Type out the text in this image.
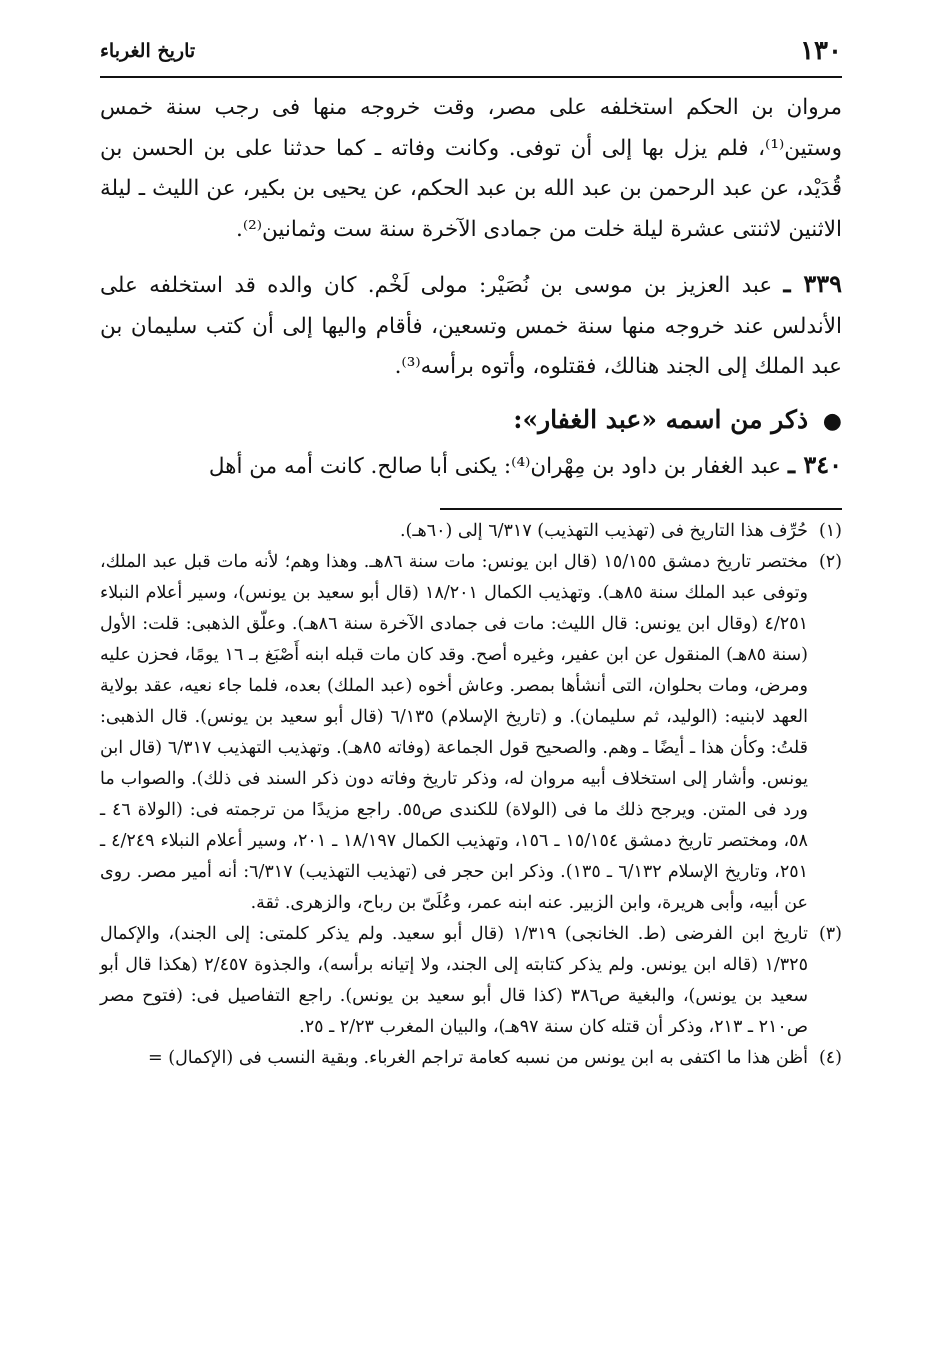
١٣٠
تاريخ الغرباء

مروان بن الحكم استخلفه على مصر، وقت خروجه منها فى رجب سنة خمس وستين⁽¹⁾، فلم يزل بها إلى أن توفى. وكانت وفاته ـ كما حدثنا على بن الحسن بن قُدَيْد، عن عبد الرحمن بن عبد الله بن عبد الحكم، عن يحيى بن بكير، عن الليث ـ ليلة الاثنين لاثنتى عشرة ليلة خلت من جمادى الآخرة سنة ست وثمانين⁽²⁾.

٣٣٩ ـ عبد العزيز بن موسى بن نُصَيْر: مولى لَخْم. كان والده قد استخلفه على الأندلس عند خروجه منها سنة خمس وتسعين، فأقام واليها إلى أن كتب سليمان بن عبد الملك إلى الجند هنالك، فقتلوه، وأتوه برأسه⁽³⁾.

● ذكر من اسمه «عبد الغفار»:

٣٤٠ ـ عبد الغفار بن داود بن مِهْران⁽⁴⁾: يكنى أبا صالح. كانت أمه من أهل

(١)
حُرِّف هذا التاريخ فى (تهذيب التهذيب) ٦/٣١٧ إلى (٦٠هـ).

(٢)
مختصر تاريخ دمشق ١٥/١٥٥ (قال ابن يونس: مات سنة ٨٦هـ. وهذا وهم؛ لأنه مات قبل عبد الملك، وتوفى عبد الملك سنة ٨٥هـ). وتهذيب الكمال ١٨/٢٠١ (قال أبو سعيد بن يونس)، وسير أعلام النبلاء ٤/٢٥١ (وقال ابن يونس: قال الليث: مات فى جمادى الآخرة سنة ٨٦هـ). وعلّق الذهبى: قلت: الأول (سنة ٨٥هـ) المنقول عن ابن عفير، وغيره أصح. وقد كان مات قبله ابنه أَصْبَغ بـ ١٦ يومًا، فحزن عليه ومرض، ومات بحلوان، التى أنشأها بمصر. وعاش أخوه (عبد الملك) بعده، فلما جاء نعيه، عقد بولاية العهد لابنيه: (الوليد، ثم سليمان). و (تاريخ الإسلام) ٦/١٣٥ (قال أبو سعيد بن يونس). قال الذهبى: قلتُ: وكأن هذا ـ أيضًا ـ وهم. والصحيح قول الجماعة (وفاته ٨٥هـ). وتهذيب التهذيب ٦/٣١٧ (قال ابن يونس. وأشار إلى استخلاف أبيه مروان له، وذكر تاريخ وفاته دون ذكر السند فى ذلك). والصواب ما ورد فى المتن. ويرجح ذلك ما فى (الولاة) للكندى ص٥٥. راجع مزيدًا من ترجمته فى: (الولاة ٤٦ ـ ٥٨، ومختصر تاريخ دمشق ١٥/١٥٤ ـ ١٥٦، وتهذيب الكمال ١٨/١٩٧ ـ ٢٠١، وسير أعلام النبلاء ٤/٢٤٩ ـ ٢٥١، وتاريخ الإسلام ٦/١٣٢ ـ ١٣٥). وذكر ابن حجر فى (تهذيب التهذيب) ٦/٣١٧: أنه أمير مصر. روى عن أبيه، وأبى هريرة، وابن الزبير. عنه ابنه عمر، وعُلَىّ بن رباح، والزهرى. ثقة.

(٣)
تاريخ ابن الفرضى (ط. الخانجى) ١/٣١٩ (قال أبو سعيد. ولم يذكر كلمتى: إلى الجند)، والإكمال ١/٣٢٥ (قاله ابن يونس. ولم يذكر كتابته إلى الجند، ولا إتيانه برأسه)، والجذوة ٢/٤٥٧ (هكذا قال أبو سعيد بن يونس)، والبغية ص٣٨٦ (كذا قال أبو سعيد بن يونس). راجع التفاصيل فى: (فتوح مصر ص٢١٠ ـ ٢١٣، وذكر أن قتله كان سنة ٩٧هـ)، والبيان المغرب ٢/٢٣ ـ ٢٥.

(٤)
أظن هذا ما اكتفى به ابن يونس من نسبه كعامة تراجم الغرباء. وبقية النسب فى (الإكمال) =
